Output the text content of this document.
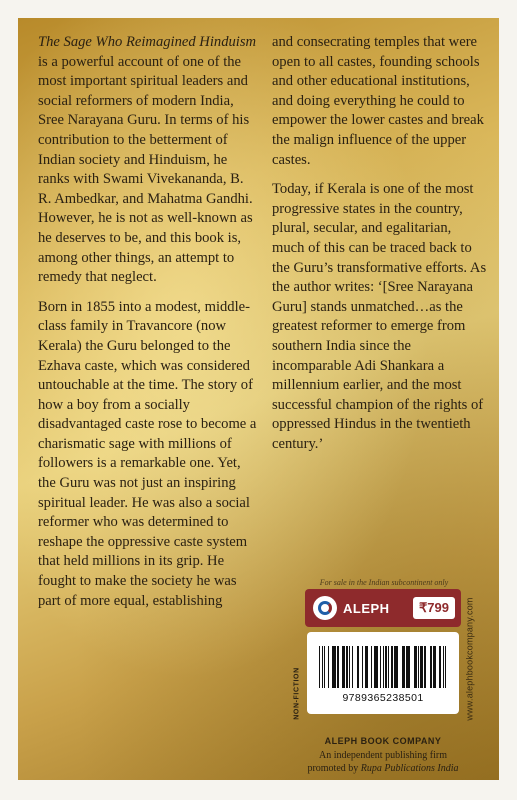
The Sage Who Reimagined Hinduism is a powerful account of one of the most important spiritual leaders and social reformers of modern India, Sree Narayana Guru. In terms of his contribution to the betterment of Indian society and Hinduism, he ranks with Swami Vivekananda, B. R. Ambedkar, and Mahatma Gandhi. However, he is not as well-known as he deserves to be, and this book is, among other things, an attempt to remedy that neglect.

Born in 1855 into a modest, middle-class family in Travancore (now Kerala) the Guru belonged to the Ezhava caste, which was considered untouchable at the time. The story of how a boy from a socially disadvantaged caste rose to become a charismatic sage with millions of followers is a remarkable one. Yet, the Guru was not just an inspiring spiritual leader. He was also a social reformer who was determined to reshape the oppressive caste system that held millions in its grip. He fought to make the society he was part of more equal, establishing

and consecrating temples that were open to all castes, founding schools and other educational institutions, and doing everything he could to empower the lower castes and break the malign influence of the upper castes.

Today, if Kerala is one of the most progressive states in the country, plural, secular, and egalitarian, much of this can be traced back to the Guru’s transformative efforts. As the author writes: ‘[Sree Narayana Guru] stands unmatched…as the greatest reformer to emerge from southern India since the incomparable Adi Shankara a millennium earlier, and the most successful champion of the rights of oppressed Hindus in the twentieth century.’

For sale in the Indian subcontinent only
NON-FICTION	www.alephbookcompany.com
ALEPH	₹799
9789365238501
ALEPH BOOK COMPANY
An independent publishing firm
promoted by Rupa Publications India
